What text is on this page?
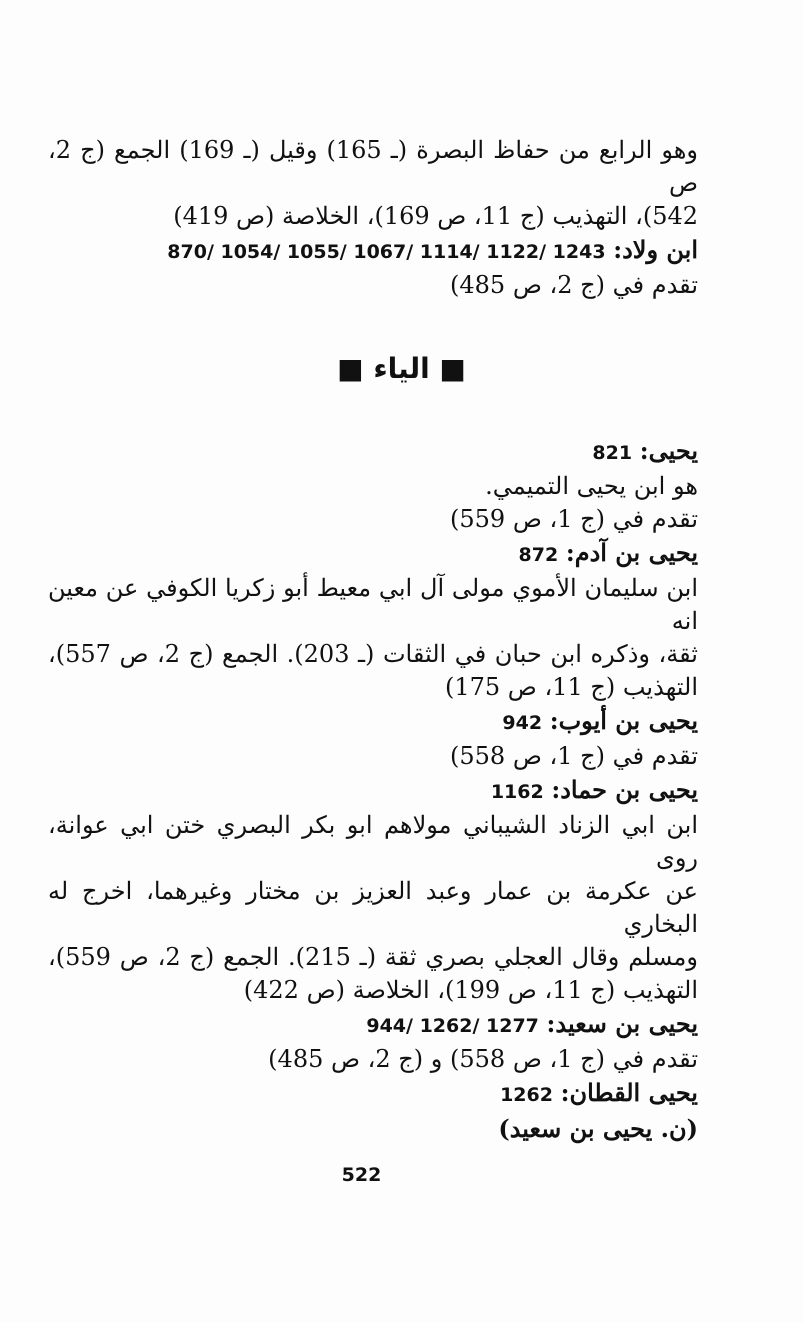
وهو الرابع من حفاظ البصرة (ـ 165) وقيل (ـ 169) الجمع (ج 2، ص
542)، التهذيب (ج 11، ص 169)، الخلاصة (ص 419)
ابن ولاد: 870/ 1054/ 1055/ 1067/ 1114/ 1122/ 1243
تقدم في (ج 2، ص 485)
■ الياء ■
يحيى: 821
هو ابن يحيى التميمي.
تقدم في (ج 1، ص 559)
يحيى بن آدم: 872
ابن سليمان الأموي مولى آل ابي معيط أبو زكريا الكوفي عن معين انه
ثقة، وذكره ابن حبان في الثقات (ـ 203). الجمع (ج 2، ص 557)،
التهذيب (ج 11، ص 175)
يحيى بن أيوب: 942
تقدم في (ج 1، ص 558)
يحيى بن حماد: 1162
ابن ابي الزناد الشيباني مولاهم ابو بكر البصري ختن ابي عوانة، روى
عن عكرمة بن عمار وعبد العزيز بن مختار وغيرهما، اخرج له البخاري
ومسلم وقال العجلي بصري ثقة (ـ 215). الجمع (ج 2، ص 559)،
التهذيب (ج 11، ص 199)، الخلاصة (ص 422)
يحيى بن سعيد: 944/ 1262/ 1277
تقدم في (ج 1، ص 558) و (ج 2، ص 485)
يحيى القطان: 1262
(ن. يحيى بن سعيد)
522
